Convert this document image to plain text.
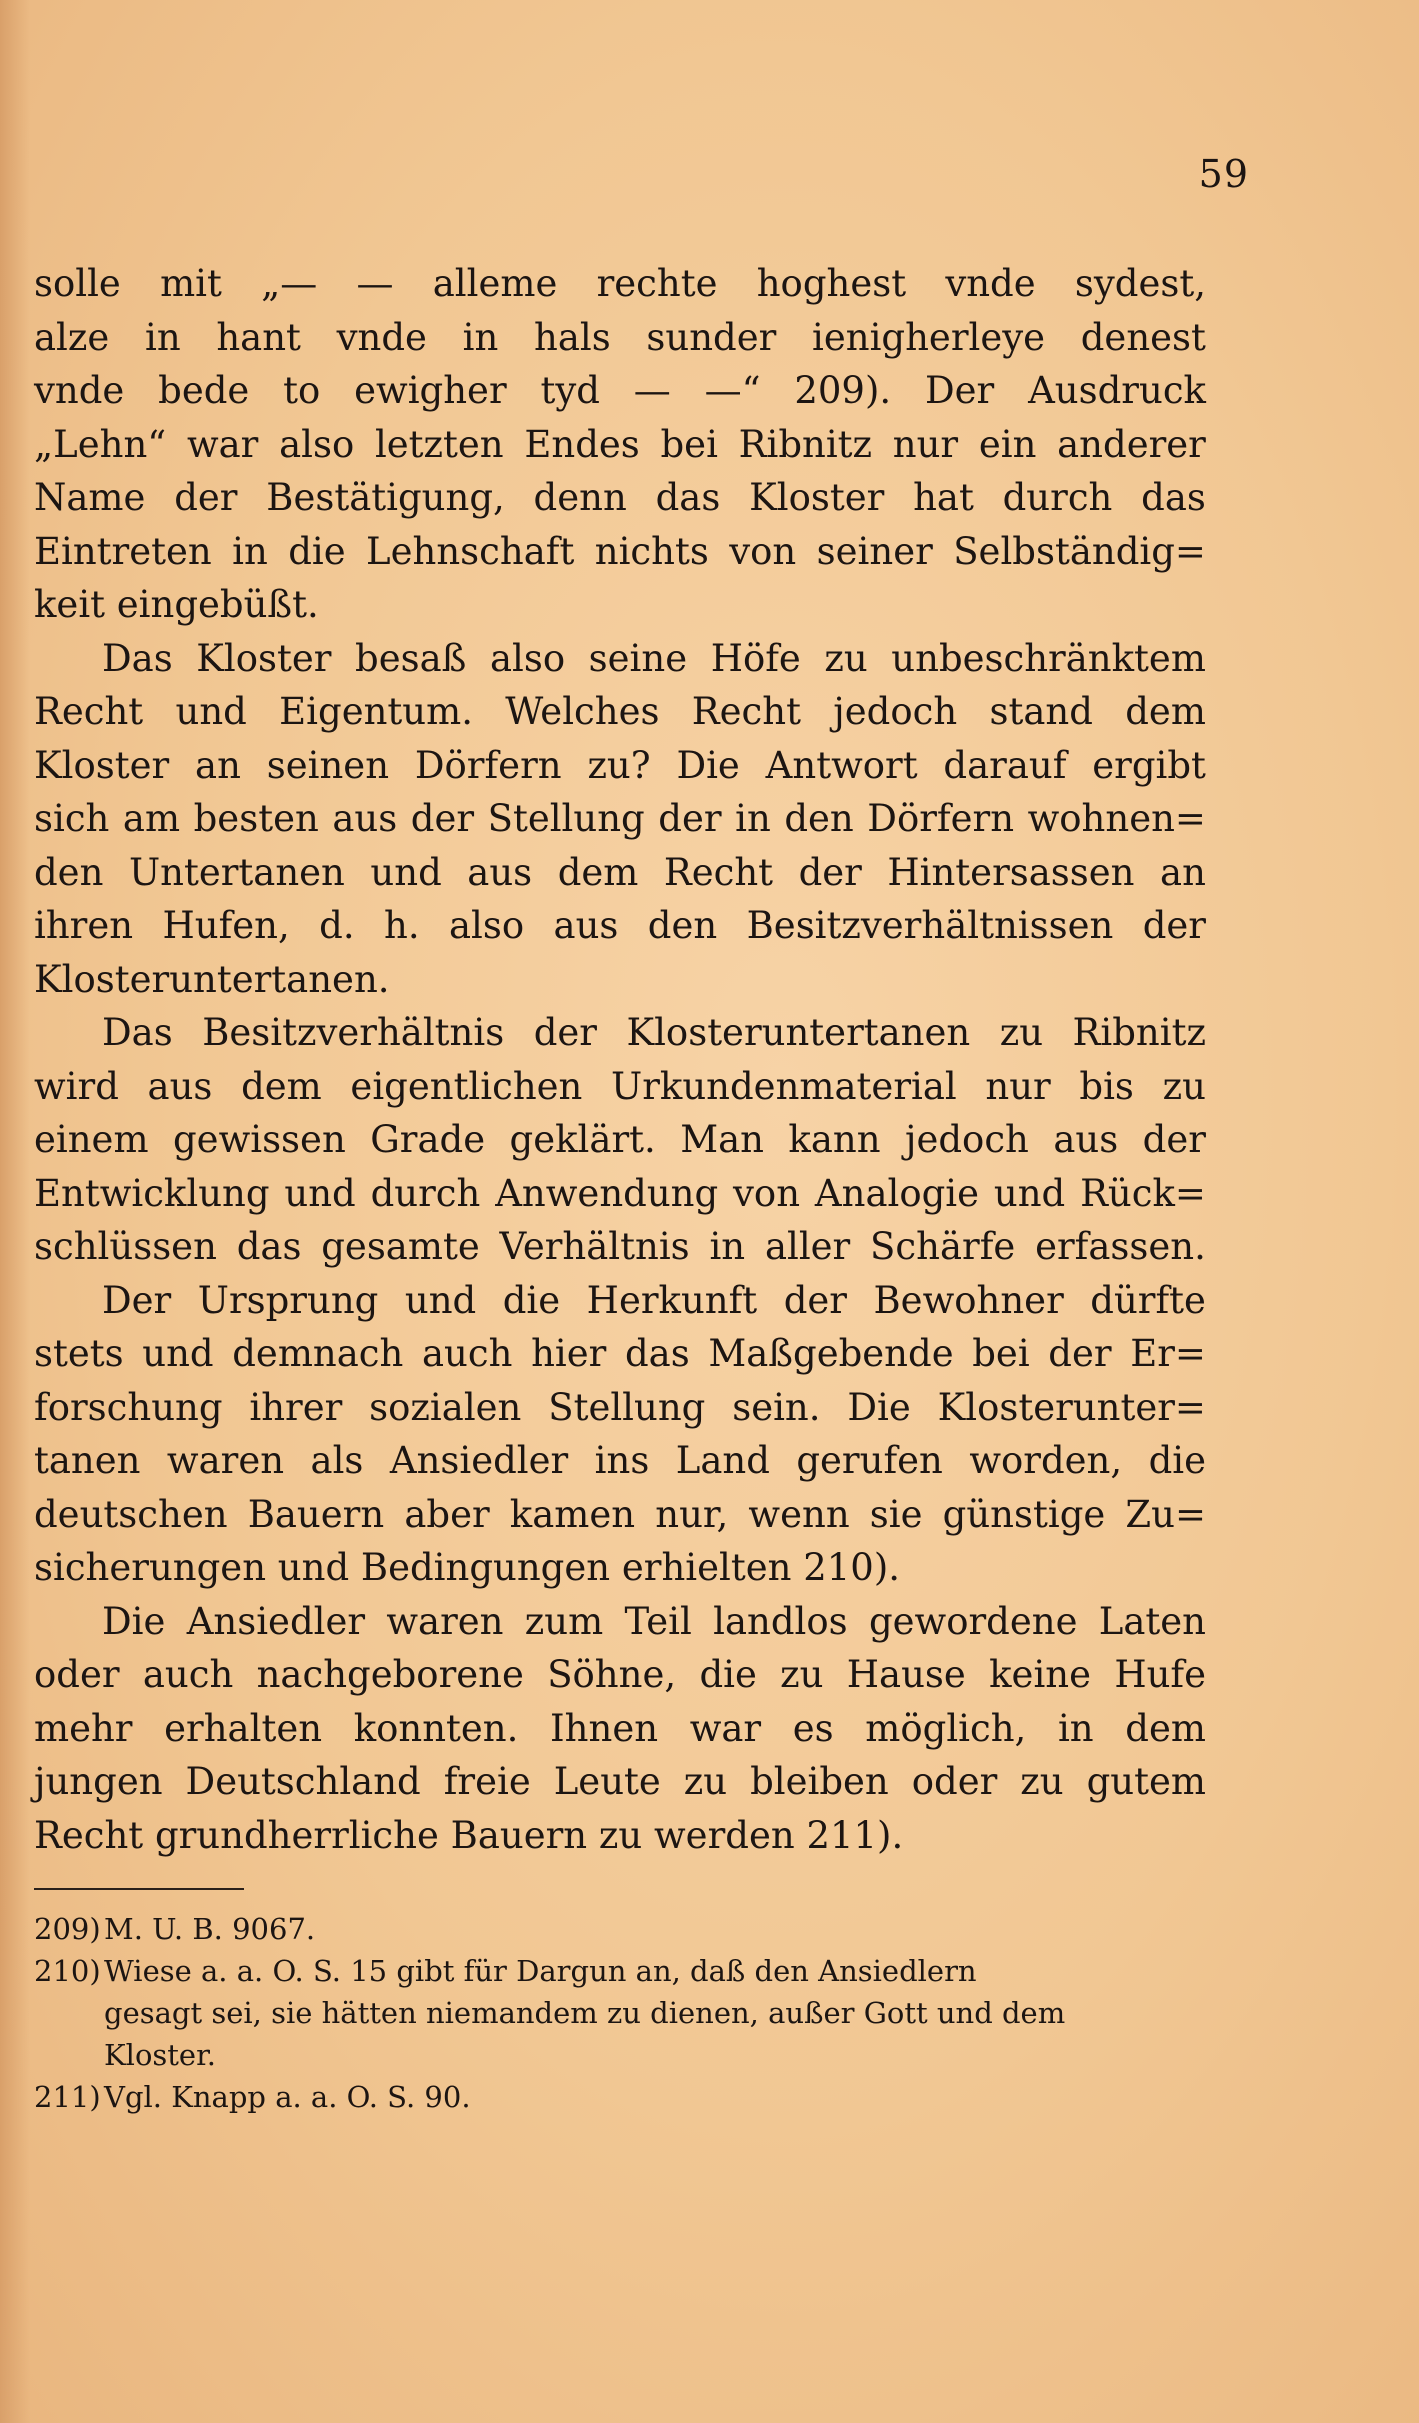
59
solle mit „— — alleme rechte hoghest vnde sydest,
alze in hant vnde in hals sunder ienigherleye denest
vnde bede to ewigher tyd — —“ 209). Der Ausdruck
„Lehn“ war also letzten Endes bei Ribnitz nur ein anderer
Name der Bestätigung, denn das Kloster hat durch das
Eintreten in die Lehnschaft nichts von seiner Selbständig=
keit eingebüßt.
Das Kloster besaß also seine Höfe zu unbeschränktem
Recht und Eigentum. Welches Recht jedoch stand dem
Kloster an seinen Dörfern zu? Die Antwort darauf ergibt
sich am besten aus der Stellung der in den Dörfern wohnen=
den Untertanen und aus dem Recht der Hintersassen an
ihren Hufen, d. h. also aus den Besitzverhältnissen der
Klosteruntertanen.
Das Besitzverhältnis der Klosteruntertanen zu Ribnitz
wird aus dem eigentlichen Urkundenmaterial nur bis zu
einem gewissen Grade geklärt. Man kann jedoch aus der
Entwicklung und durch Anwendung von Analogie und Rück=
schlüssen das gesamte Verhältnis in aller Schärfe erfassen.
Der Ursprung und die Herkunft der Bewohner dürfte
stets und demnach auch hier das Maßgebende bei der Er=
forschung ihrer sozialen Stellung sein. Die Klosterunter=
tanen waren als Ansiedler ins Land gerufen worden, die
deutschen Bauern aber kamen nur, wenn sie günstige Zu=
sicherungen und Bedingungen erhielten 210).
Die Ansiedler waren zum Teil landlos gewordene Laten
oder auch nachgeborene Söhne, die zu Hause keine Hufe
mehr erhalten konnten. Ihnen war es möglich, in dem
jungen Deutschland freie Leute zu bleiben oder zu gutem
Recht grundherrliche Bauern zu werden 211).
209) M. U. B. 9067.
210) Wiese a. a. O. S. 15 gibt für Dargun an, daß den Ansiedlern
gesagt sei, sie hätten niemandem zu dienen, außer Gott und dem
Kloster.
211) Vgl. Knapp a. a. O. S. 90.
